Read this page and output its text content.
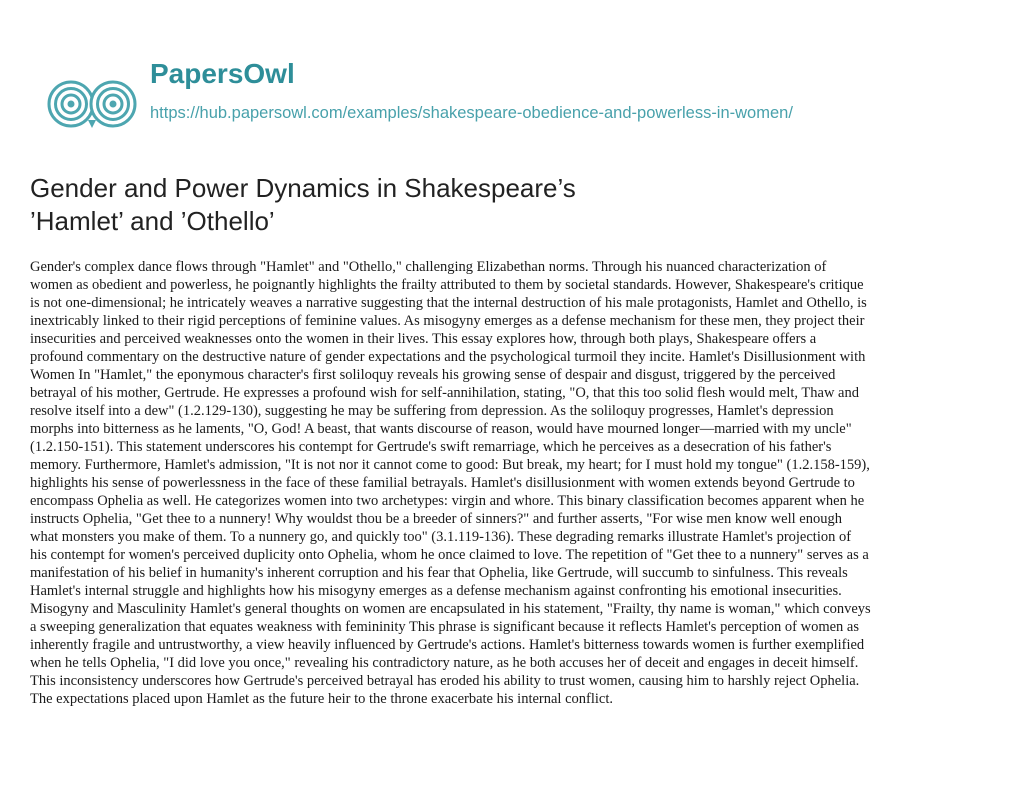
PapersOwl
https://hub.papersowl.com/examples/shakespeare-obedience-and-powerless-in-women/
Gender and Power Dynamics in Shakespeare’s
’Hamlet’ and ’Othello’
Gender's complex dance flows through "Hamlet" and "Othello," challenging Elizabethan norms. Through his nuanced characterization of
women as obedient and powerless, he poignantly highlights the frailty attributed to them by societal standards. However, Shakespeare's critique
is not one-dimensional; he intricately weaves a narrative suggesting that the internal destruction of his male protagonists, Hamlet and Othello, is
inextricably linked to their rigid perceptions of feminine values. As misogyny emerges as a defense mechanism for these men, they project their
insecurities and perceived weaknesses onto the women in their lives. This essay explores how, through both plays, Shakespeare offers a
profound commentary on the destructive nature of gender expectations and the psychological turmoil they incite. Hamlet's Disillusionment with
Women In "Hamlet," the eponymous character's first soliloquy reveals his growing sense of despair and disgust, triggered by the perceived
betrayal of his mother, Gertrude. He expresses a profound wish for self-annihilation, stating, "O, that this too solid flesh would melt, Thaw and
resolve itself into a dew" (1.2.129-130), suggesting he may be suffering from depression. As the soliloquy progresses, Hamlet's depression
morphs into bitterness as he laments, "O, God! A beast, that wants discourse of reason, would have mourned longer—married with my uncle"
(1.2.150-151). This statement underscores his contempt for Gertrude's swift remarriage, which he perceives as a desecration of his father's
memory. Furthermore, Hamlet's admission, "It is not nor it cannot come to good: But break, my heart; for I must hold my tongue" (1.2.158-159),
highlights his sense of powerlessness in the face of these familial betrayals. Hamlet's disillusionment with women extends beyond Gertrude to
encompass Ophelia as well. He categorizes women into two archetypes: virgin and whore. This binary classification becomes apparent when he
instructs Ophelia, "Get thee to a nunnery! Why wouldst thou be a breeder of sinners?" and further asserts, "For wise men know well enough
what monsters you make of them. To a nunnery go, and quickly too" (3.1.119-136). These degrading remarks illustrate Hamlet's projection of
his contempt for women's perceived duplicity onto Ophelia, whom he once claimed to love. The repetition of "Get thee to a nunnery" serves as a
manifestation of his belief in humanity's inherent corruption and his fear that Ophelia, like Gertrude, will succumb to sinfulness. This reveals
Hamlet's internal struggle and highlights how his misogyny emerges as a defense mechanism against confronting his emotional insecurities.
Misogyny and Masculinity Hamlet's general thoughts on women are encapsulated in his statement, "Frailty, thy name is woman," which conveys
a sweeping generalization that equates weakness with femininity This phrase is significant because it reflects Hamlet's perception of women as
inherently fragile and untrustworthy, a view heavily influenced by Gertrude's actions. Hamlet's bitterness towards women is further exemplified
when he tells Ophelia, "I did love you once," revealing his contradictory nature, as he both accuses her of deceit and engages in deceit himself.
This inconsistency underscores how Gertrude's perceived betrayal has eroded his ability to trust women, causing him to harshly reject Ophelia.
The expectations placed upon Hamlet as the future heir to the throne exacerbate his internal conflict.
